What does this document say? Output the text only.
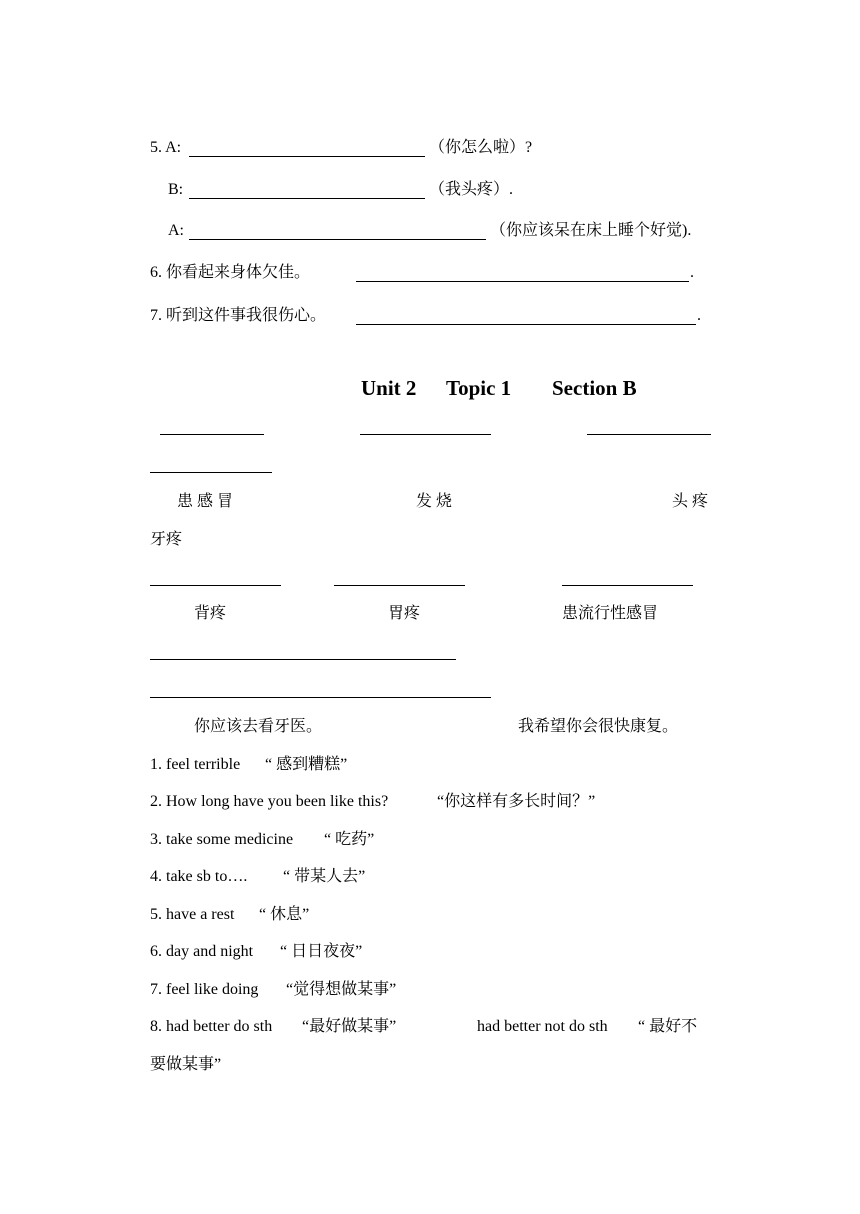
5. A:	（你怎么啦）?
B:	（我头疼）.
A:	（你应该呆在床上睡个好觉).
6. 你看起来身体欠佳。	.
7. 听到这件事我很伤心。	.
Unit 2 Topic 1 Section B
患 感 冒	发 烧	头 疼
牙疼
背疼	胃疼	患流行性感冒
你应该去看牙医。	我希望你会很快康复。
1. feel terrible “ 感到糟糕”
2. How long have you been like this?	“你这样有多长时间？”
3. take some medicine “ 吃药”
4. take sb to…. “ 带某人去”
5. have a rest “ 休息”
6. day and night “ 日日夜夜”
7. feel like doing “觉得想做某事”
8. had better do sth “最好做某事”	had better not do sth “ 最好不
要做某事”
